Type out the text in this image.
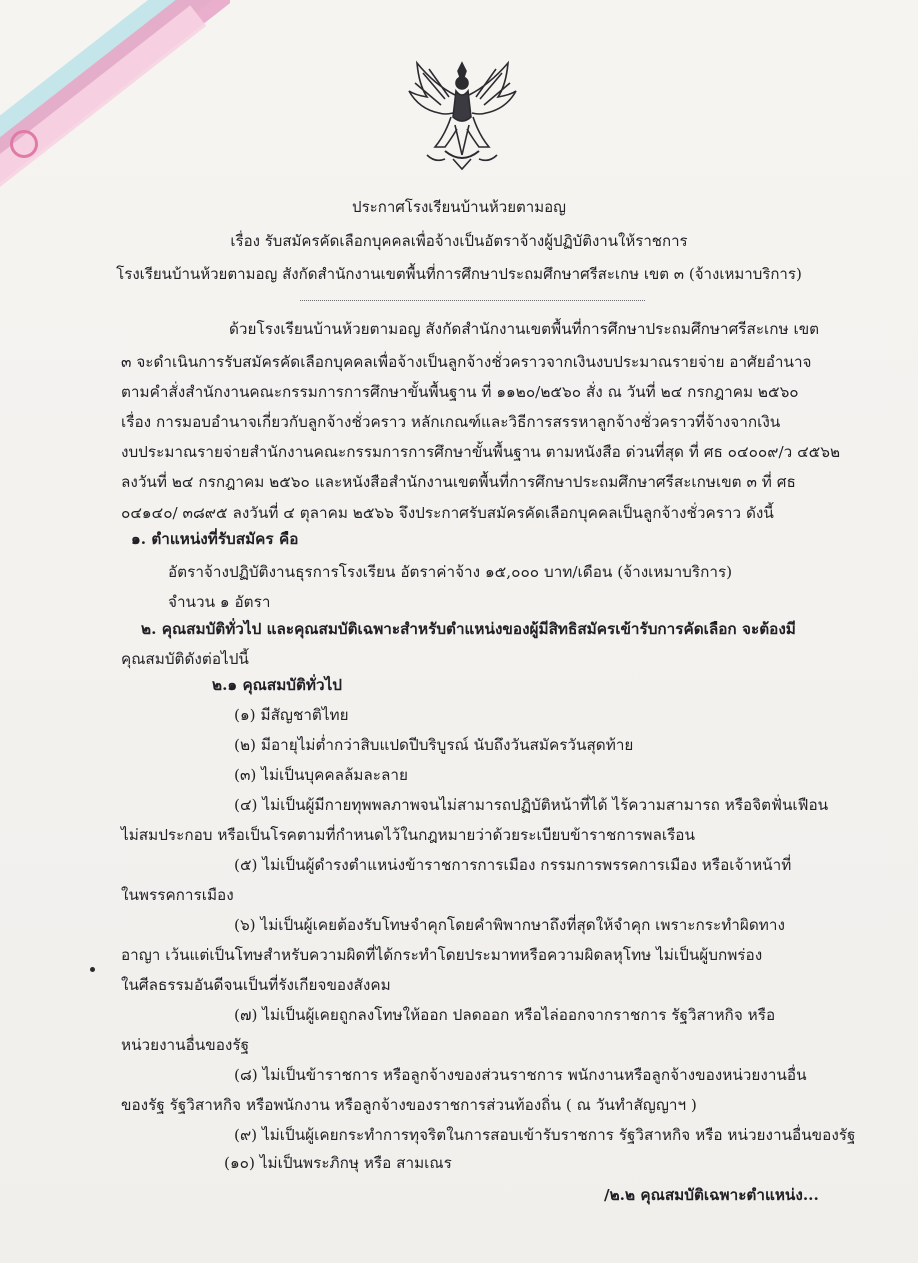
ประกาศโรงเรียนบ้านห้วยตามอญ
เรื่อง รับสมัครคัดเลือกบุคคลเพื่อจ้างเป็นอัตราจ้างผู้ปฏิบัติงานให้ราชการ
โรงเรียนบ้านห้วยตามอญ สังกัดสำนักงานเขตพื้นที่การศึกษาประถมศึกษาศรีสะเกษ เขต ๓ (จ้างเหมาบริการ)
ด้วยโรงเรียนบ้านห้วยตามอญ สังกัดสำนักงานเขตพื้นที่การศึกษาประถมศึกษาศรีสะเกษ เขต
๓ จะดำเนินการรับสมัครคัดเลือกบุคคลเพื่อจ้างเป็นลูกจ้างชั่วคราวจากเงินงบประมาณรายจ่าย อาศัยอำนาจ
ตามคำสั่งสำนักงานคณะกรรมการการศึกษาขั้นพื้นฐาน ที่ ๑๑๒๐/๒๕๖๐ สั่ง ณ วันที่ ๒๔ กรกฎาคม ๒๕๖๐
เรื่อง การมอบอำนาจเกี่ยวกับลูกจ้างชั่วคราว หลักเกณฑ์และวิธีการสรรหาลูกจ้างชั่วคราวที่จ้างจากเงิน
งบประมาณรายจ่ายสำนักงานคณะกรรมการการศึกษาขั้นพื้นฐาน ตามหนังสือ ด่วนที่สุด ที่ ศธ ๐๔๐๐๙/ว ๔๕๖๒
ลงวันที่ ๒๔ กรกฎาคม ๒๕๖๐ และหนังสือสำนักงานเขตพื้นที่การศึกษาประถมศึกษาศรีสะเกษเขต ๓ ที่ ศธ
๐๔๑๔๐/ ๓๘๙๕ ลงวันที่ ๔ ตุลาคม ๒๕๖๖ จึงประกาศรับสมัครคัดเลือกบุคคลเป็นลูกจ้างชั่วคราว ดังนี้
๑. ตำแหน่งที่รับสมัคร คือ
อัตราจ้างปฏิบัติงานธุรการโรงเรียน อัตราค่าจ้าง ๑๕,๐๐๐ บาท/เดือน (จ้างเหมาบริการ)
จำนวน ๑ อัตรา
๒. คุณสมบัติทั่วไป และคุณสมบัติเฉพาะสำหรับตำแหน่งของผู้มีสิทธิสมัครเข้ารับการคัดเลือก จะต้องมี
คุณสมบัติดังต่อไปนี้
๒.๑ คุณสมบัติทั่วไป
(๑) มีสัญชาติไทย
(๒) มีอายุไม่ต่ำกว่าสิบแปดปีบริบูรณ์ นับถึงวันสมัครวันสุดท้าย
(๓) ไม่เป็นบุคคลล้มละลาย
(๔) ไม่เป็นผู้มีกายทุพพลภาพจนไม่สามารถปฏิบัติหน้าที่ได้ ไร้ความสามารถ หรือจิตฟั่นเฟือน
ไม่สมประกอบ หรือเป็นโรคตามที่กำหนดไว้ในกฎหมายว่าด้วยระเบียบข้าราชการพลเรือน
(๕) ไม่เป็นผู้ดำรงตำแหน่งข้าราชการการเมือง กรรมการพรรคการเมือง หรือเจ้าหน้าที่
ในพรรคการเมือง
(๖) ไม่เป็นผู้เคยต้องรับโทษจำคุกโดยคำพิพากษาถึงที่สุดให้จำคุก เพราะกระทำผิดทาง
อาญา เว้นแต่เป็นโทษสำหรับความผิดที่ได้กระทำโดยประมาทหรือความผิดลหุโทษ ไม่เป็นผู้บกพร่อง
ในศีลธรรมอันดีจนเป็นที่รังเกียจของสังคม
(๗) ไม่เป็นผู้เคยถูกลงโทษให้ออก ปลดออก หรือไล่ออกจากราชการ รัฐวิสาหกิจ หรือ
หน่วยงานอื่นของรัฐ
(๘) ไม่เป็นข้าราชการ หรือลูกจ้างของส่วนราชการ พนักงานหรือลูกจ้างของหน่วยงานอื่น
ของรัฐ รัฐวิสาหกิจ หรือพนักงาน หรือลูกจ้างของราชการส่วนท้องถิ่น ( ณ วันทำสัญญาฯ )
(๙) ไม่เป็นผู้เคยกระทำการทุจริตในการสอบเข้ารับราชการ รัฐวิสาหกิจ หรือ หน่วยงานอื่นของรัฐ
(๑๐) ไม่เป็นพระภิกษุ หรือ สามเณร
/๒.๒ คุณสมบัติเฉพาะตำแหน่ง...
